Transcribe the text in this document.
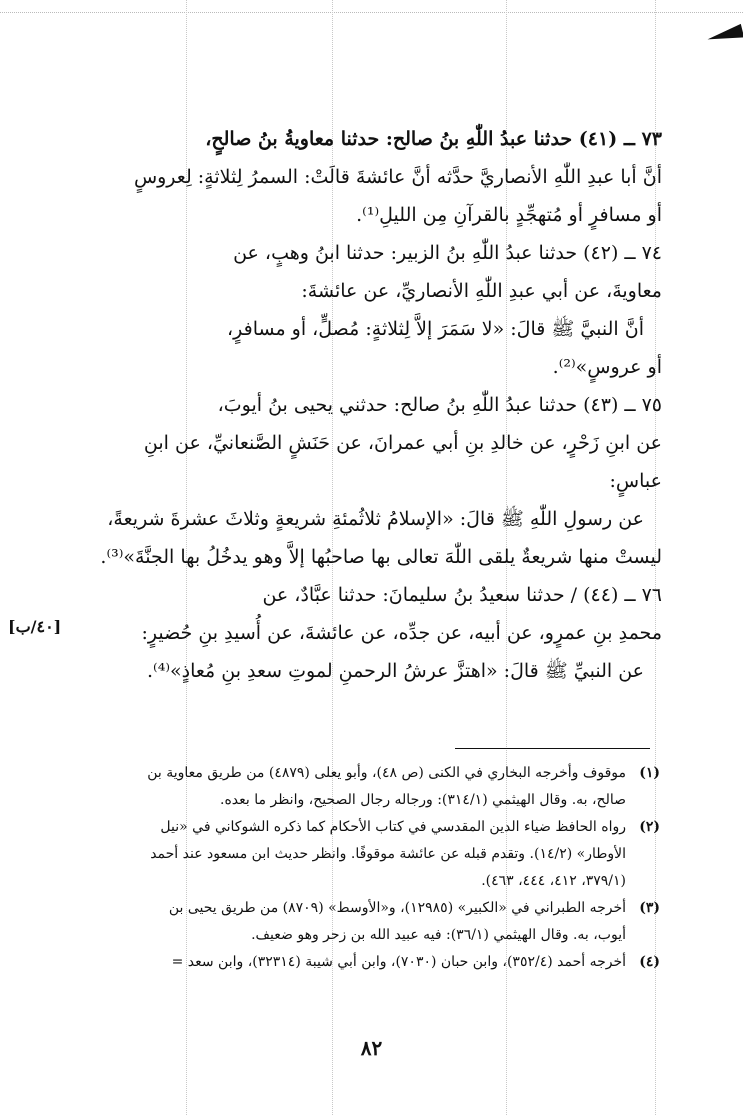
[٤٠/ب]

٧٣ ــ (٤١) حدثنا عبدُ اللّٰهِ بنُ صالح: حدثنا معاويةُ بنُ صالحٍ،

أنَّ أبا عبدِ اللّٰهِ الأنصاريَّ حدَّثه أنَّ عائشةَ قالَتْ: السمرُ لِثلاثةٍ: لِعروسٍ

أو مسافرٍ أو مُتهجِّدٍ بالقرآنِ مِن الليلِ⁽¹⁾.

٧٤ ــ (٤٢) حدثنا عبدُ اللّٰهِ بنُ الزبير: حدثنا ابنُ وهبٍ، عن

معاويةَ، عن أبي عبدِ اللّٰهِ الأنصاريِّ، عن عائشةَ:

أنَّ النبيَّ ﷺ قالَ: «لا سَمَرَ إلاَّ لِثلاثةٍ: مُصلٍّ، أو مسافرٍ،

أو عروسٍ»⁽²⁾.

٧٥ ــ (٤٣) حدثنا عبدُ اللّٰهِ بنُ صالح: حدثني يحيى بنُ أيوبَ،

عن ابنِ زَحْرٍ، عن خالدِ بنِ أبي عمرانَ، عن حَنَشٍ الصَّنعانيِّ، عن ابنِ

عباسٍ:

عن رسولِ اللّٰهِ ﷺ قالَ: «الإسلامُ ثلاثُمئةِ شريعةٍ وثلاثَ عشرةَ شريعةً،

ليستْ منها شريعةٌ يلقى اللّٰهَ تعالى بها صاحبُها إلاَّ وهو يدخُلُ بها الجنَّةَ»⁽³⁾.

٧٦ ــ (٤٤) / حدثنا سعيدُ بنُ سليمانَ: حدثنا عبَّادٌ، عن

محمدِ بنِ عمرٍو، عن أبيه، عن جدِّه، عن عائشةَ، عن أُسيدِ بنِ حُضيرٍ:

عن النبيِّ ﷺ قالَ: «اهتزَّ عرشُ الرحمنِ لموتِ سعدِ بنِ مُعاذٍ»⁽⁴⁾.

(١)
موقوف وأخرجه البخاري في الكنى (ص ٤٨)، وأبو يعلى (٤٨٧٩) من طريق معاوية بن
صالح، به. وقال الهيثمي (٣١٤/١): ورجاله رجال الصحيح، وانظر ما بعده.
(٢)
رواه الحافظ ضياء الدين المقدسي في كتاب الأحكام كما ذكره الشوكاني في «نيل
الأوطار» (١٤/٢). وتقدم قبله عن عائشة موقوفًا. وانظر حديث ابن مسعود عند أحمد
(٣٧٩/١، ٤١٢، ٤٤٤، ٤٦٣).
(٣)
أخرجه الطبراني في «الكبير» (١٢٩٨٥)، و«الأوسط» (٨٧٠٩) من طريق يحيى بن
أيوب، به. وقال الهيثمي (٣٦/١): فيه عبيد الله بن زحر وهو ضعيف.
(٤)
أخرجه أحمد (٣٥٢/٤)، وابن حبان (٧٠٣٠)، وابن أبي شيبة (٣٢٣١٤)، وابن سعد =
٨٢
